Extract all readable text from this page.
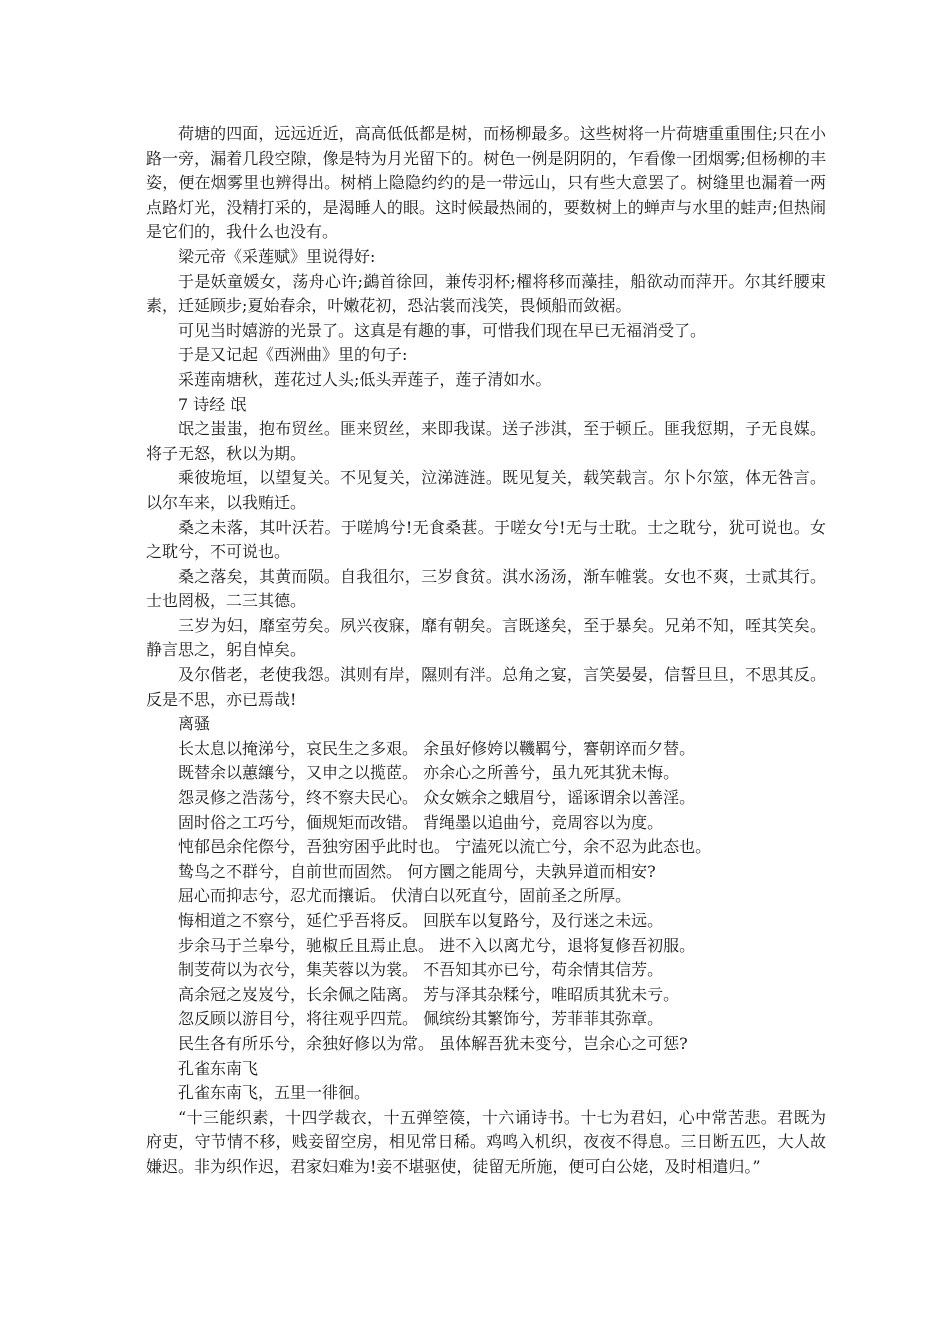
荷塘的四面，远远近近，高高低低都是树，而杨柳最多。这些树将一片荷塘重重围住;只在小路一旁，漏着几段空隙，像是特为月光留下的。树色一例是阴阴的，乍看像一团烟雾;但杨柳的丰姿，便在烟雾里也辨得出。树梢上隐隐约约的是一带远山，只有些大意罢了。树缝里也漏着一两点路灯光，没精打采的，是渴睡人的眼。这时候最热闹的，要数树上的蝉声与水里的蛙声;但热闹是它们的，我什么也没有。

梁元帝《采莲赋》里说得好:

于是妖童媛女，荡舟心许;鷁首徐回，兼传羽杯;櫂将移而藻挂，船欲动而萍开。尔其纤腰束素，迁延顾步;夏始春余，叶嫩花初，恐沾裳而浅笑，畏倾船而敛裾。

可见当时嬉游的光景了。这真是有趣的事，可惜我们现在早已无福消受了。

于是又记起《西洲曲》里的句子:

采莲南塘秋，莲花过人头;低头弄莲子，莲子清如水。

7 诗经 氓

氓之蚩蚩，抱布贸丝。匪来贸丝，来即我谋。送子涉淇，至于顿丘。匪我愆期，子无良媒。将子无怒，秋以为期。

乘彼垝垣，以望复关。不见复关，泣涕涟涟。既见复关，载笑载言。尔卜尔筮，体无咎言。以尔车来，以我贿迁。

桑之未落，其叶沃若。于嗟鸠兮!无食桑葚。于嗟女兮!无与士耽。士之耽兮，犹可说也。女之耽兮，不可说也。

桑之落矣，其黄而陨。自我徂尔，三岁食贫。淇水汤汤，渐车帷裳。女也不爽，士贰其行。士也罔极，二三其德。

三岁为妇，靡室劳矣。夙兴夜寐，靡有朝矣。言既遂矣，至于暴矣。兄弟不知，咥其笑矣。静言思之，躬自悼矣。

及尔偕老，老使我怨。淇则有岸，隰则有泮。总角之宴，言笑晏晏，信誓旦旦，不思其反。反是不思，亦已焉哉!

离骚

长太息以掩涕兮，哀民生之多艰。 余虽好修姱以鞿羁兮，謇朝谇而夕替。

既替余以蕙纕兮，又申之以揽茝。 亦余心之所善兮，虽九死其犹未悔。

怨灵修之浩荡兮，终不察夫民心。 众女嫉余之蛾眉兮，谣诼谓余以善淫。

固时俗之工巧兮，偭规矩而改错。 背绳墨以追曲兮，竞周容以为度。

忳郁邑余侘傺兮，吾独穷困乎此时也。 宁溘死以流亡兮，余不忍为此态也。

鸷鸟之不群兮，自前世而固然。 何方圜之能周兮，夫孰异道而相安?

屈心而抑志兮，忍尤而攘诟。 伏清白以死直兮，固前圣之所厚。

悔相道之不察兮，延伫乎吾将反。 回朕车以复路兮，及行迷之未远。

步余马于兰皋兮，驰椒丘且焉止息。 进不入以离尤兮，退将复修吾初服。

制芰荷以为衣兮，集芙蓉以为裳。 不吾知其亦已兮，苟余情其信芳。

高余冠之岌岌兮，长余佩之陆离。 芳与泽其杂糅兮，唯昭质其犹未亏。

忽反顾以游目兮，将往观乎四荒。 佩缤纷其繁饰兮，芳菲菲其弥章。

民生各有所乐兮，余独好修以为常。 虽体解吾犹未变兮，岂余心之可惩?

孔雀东南飞

孔雀东南飞，五里一徘徊。

“十三能织素，十四学裁衣，十五弹箜篌，十六诵诗书。十七为君妇，心中常苦悲。君既为府吏，守节情不移，贱妾留空房，相见常日稀。鸡鸣入机织，夜夜不得息。三日断五匹，大人故嫌迟。非为织作迟，君家妇难为!妾不堪驱使，徒留无所施，便可白公姥，及时相遣归。”
